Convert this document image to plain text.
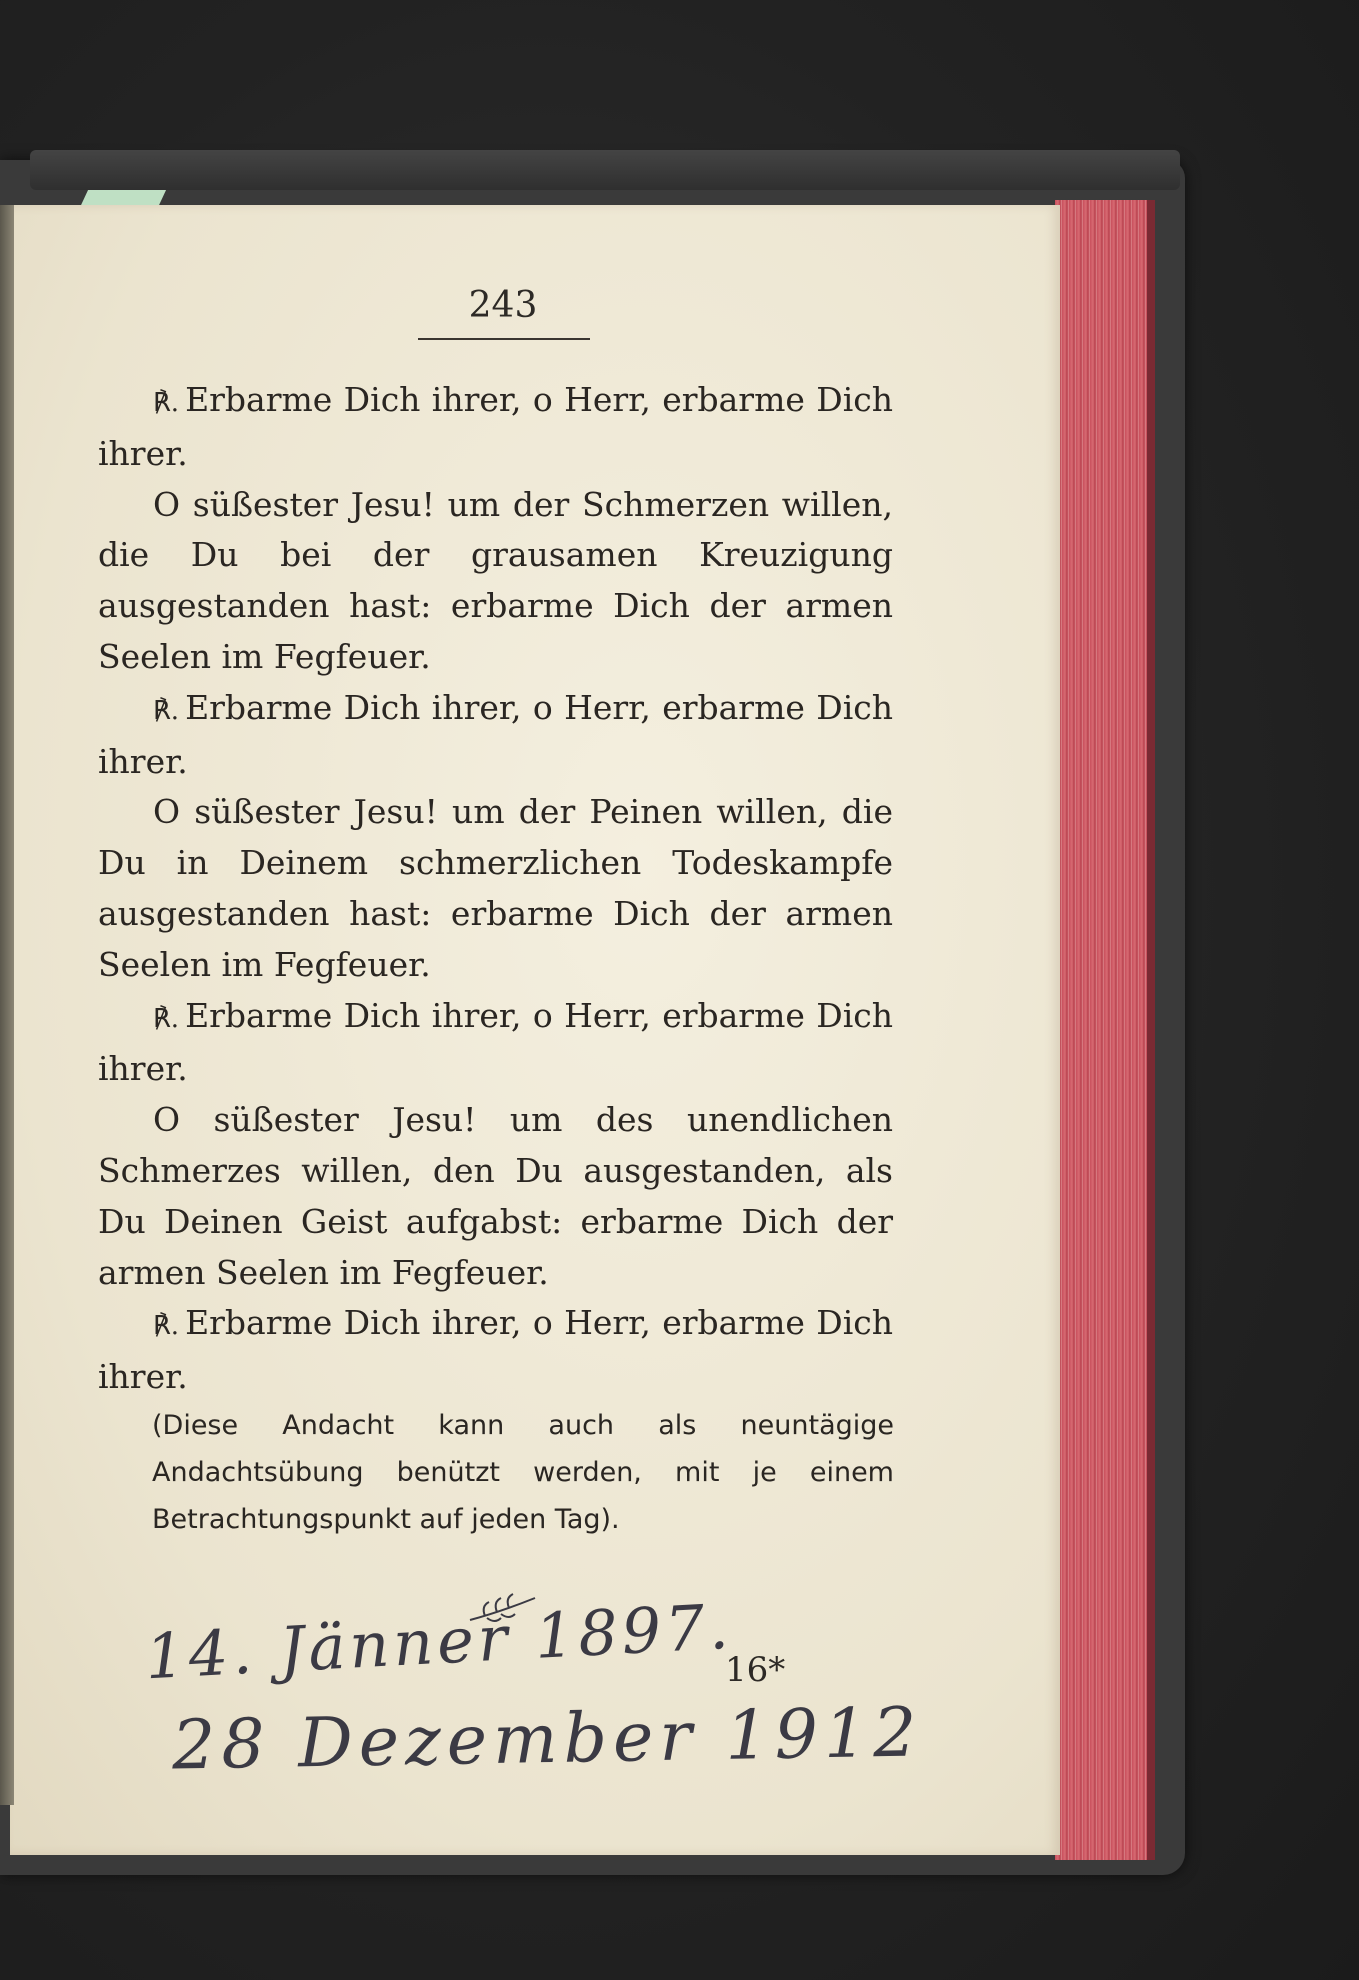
243

℟. Erbarme Dich ihrer, o Herr, erbarme Dich ihrer.

O süßester Jesu! um der Schmerzen willen, die Du bei der grausamen Kreuzigung ausgestanden hast: erbarme Dich der armen Seelen im Fegfeuer.

℟. Erbarme Dich ihrer, o Herr, erbarme Dich ihrer.

O süßester Jesu! um der Peinen willen, die Du in Deinem schmerzlichen Todeskampfe ausgestanden hast: erbarme Dich der armen Seelen im Fegfeuer.

℟. Erbarme Dich ihrer, o Herr, erbarme Dich ihrer.

O süßester Jesu! um des unendlichen Schmerzes willen, den Du ausgestanden, als Du Deinen Geist aufgabst: erbarme Dich der armen Seelen im Fegfeuer.

℟. Erbarme Dich ihrer, o Herr, erbarme Dich ihrer.

(Diese Andacht kann auch als neuntägige Andachtsübung benützt werden, mit je einem Betrachtungspunkt auf jeden Tag).
14. Jänner 1897.
16*
28 Dezember 1912
